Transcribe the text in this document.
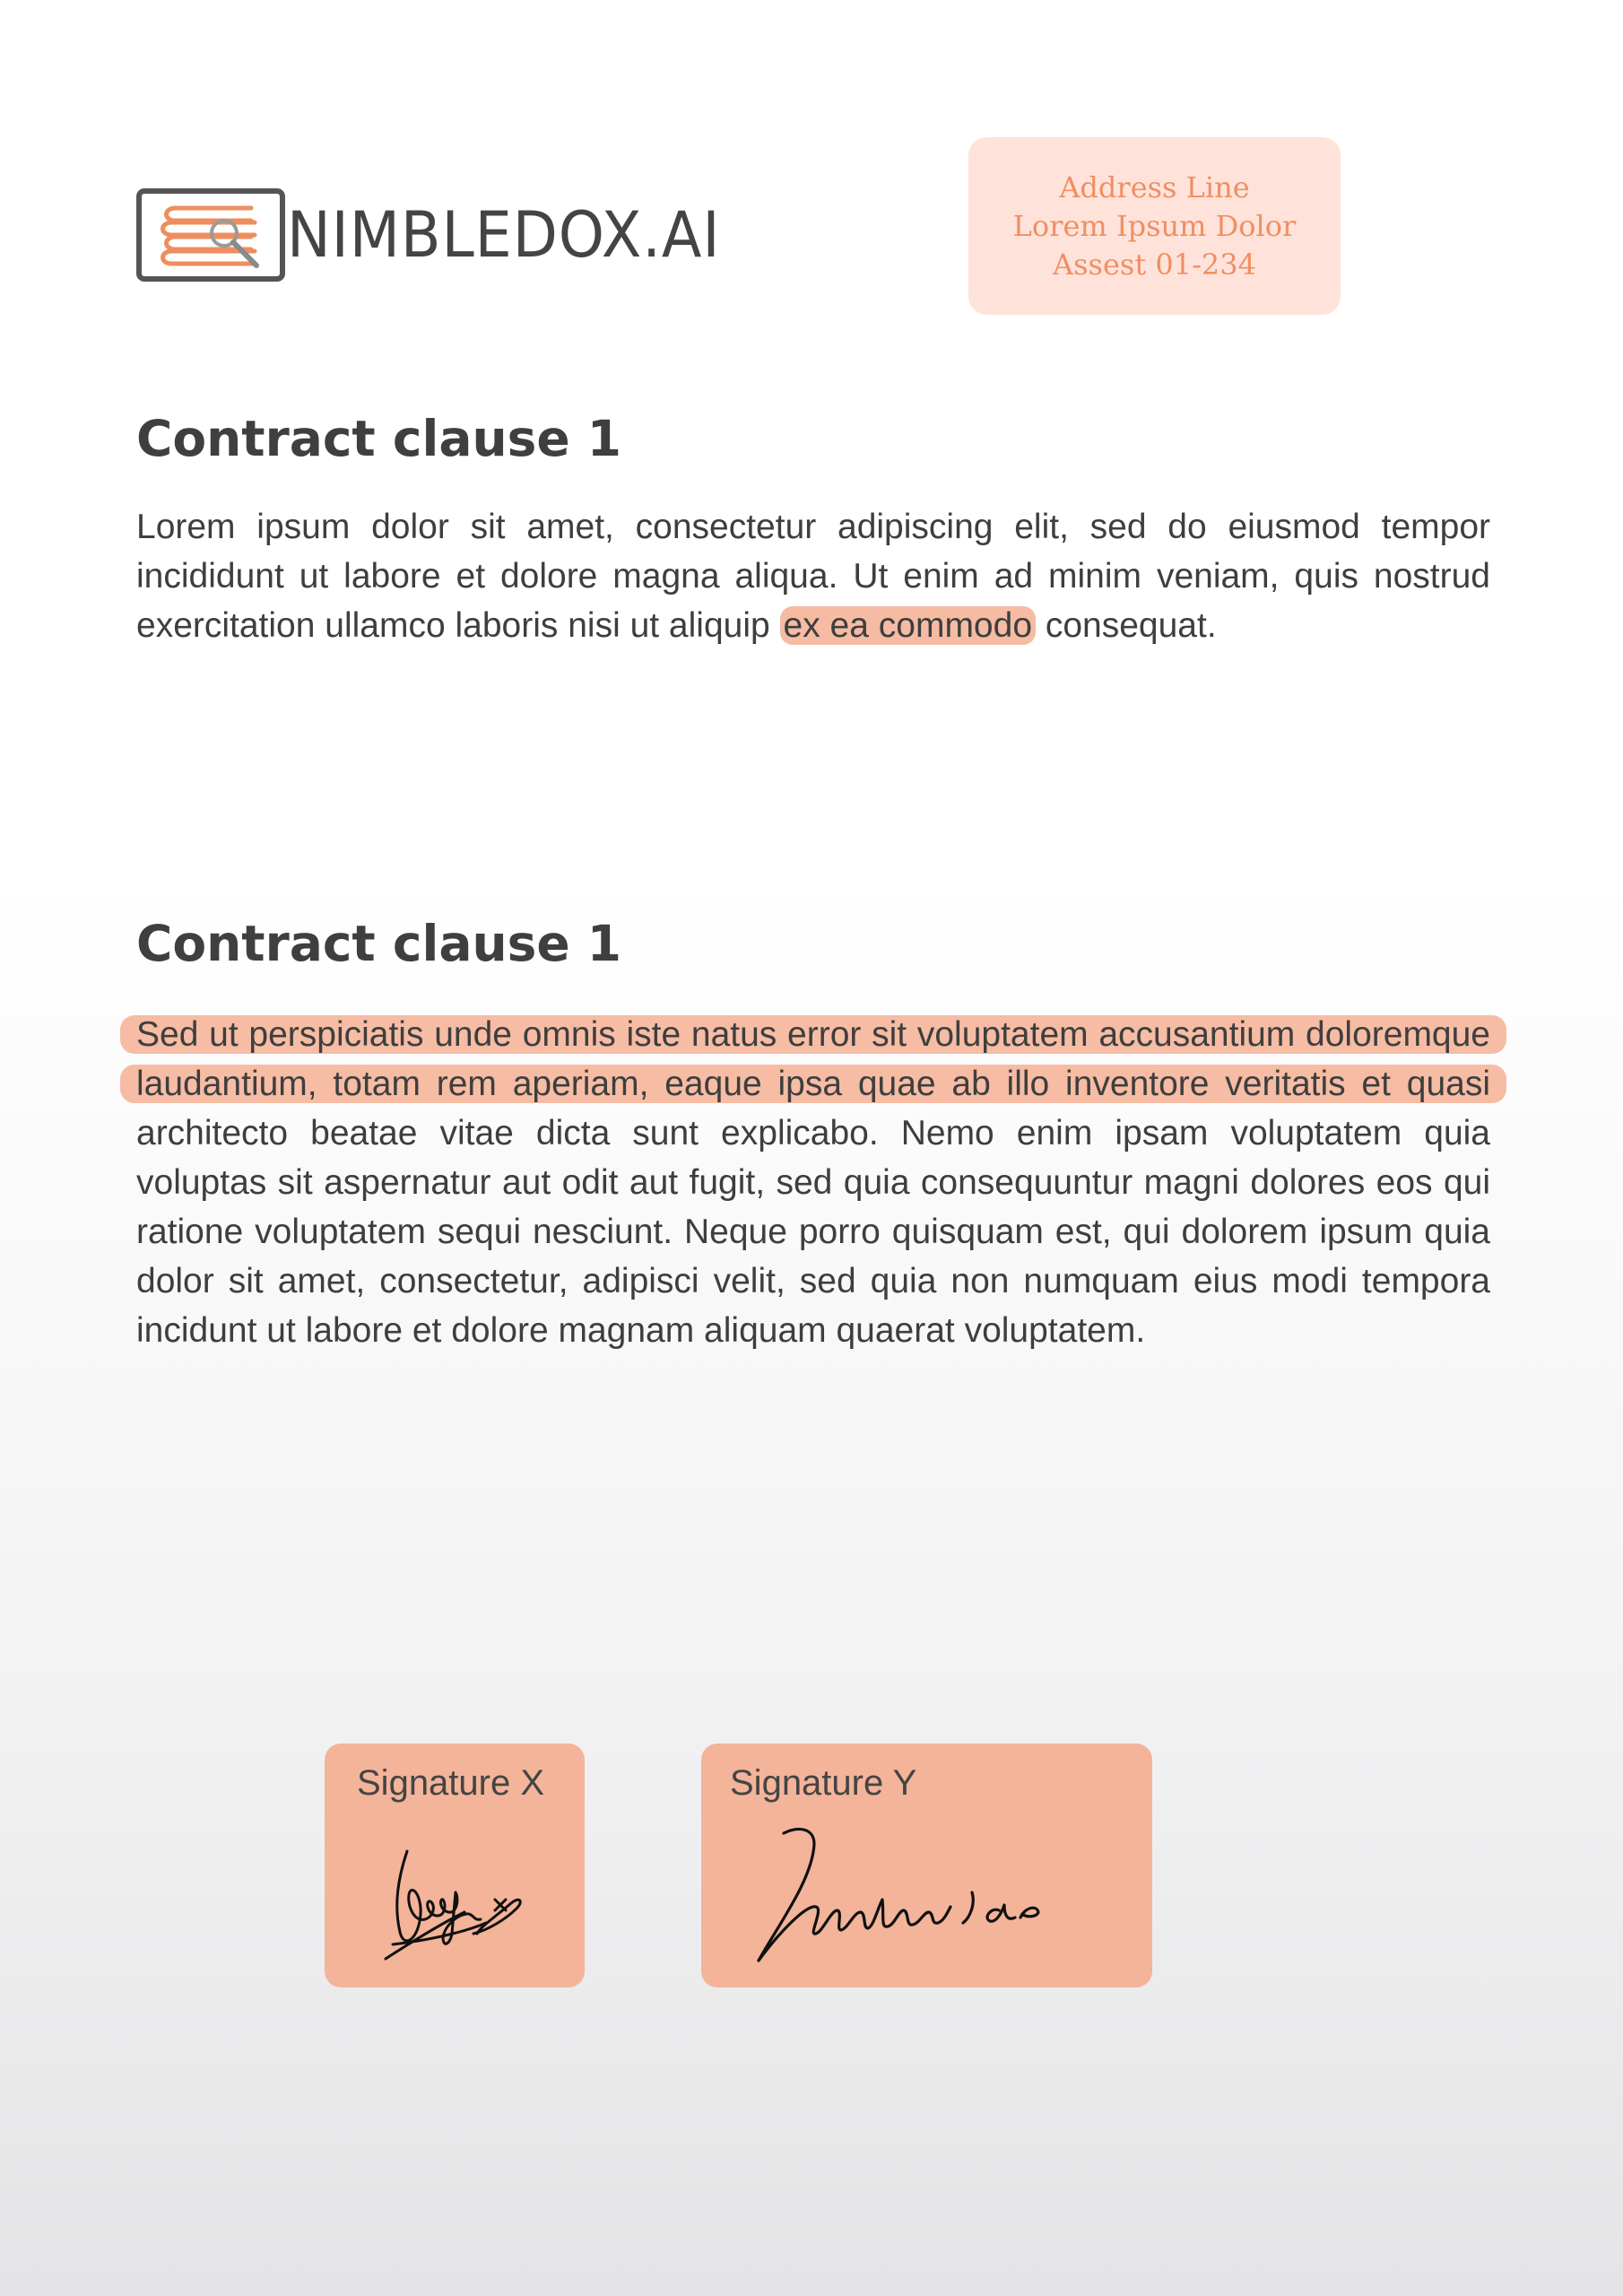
NIMBLEDOX.AI
Address Line
Lorem Ipsum Dolor
Assest 01-234
Contract clause 1

Lorem ipsum dolor sit amet, consectetur adipiscing elit, sed do eiusmod tempor incididunt ut labore et dolore magna aliqua. Ut enim ad minim veniam, quis nostrud exercitation ullamco laboris nisi ut aliquip ex ea commodo consequat.

Contract clause 1

Sed ut perspiciatis unde omnis iste natus error sit voluptatem accusantium doloremque laudantium, totam rem aperiam, eaque ipsa quae ab illo inventore veritatis et quasi architecto beatae vitae dicta sunt explicabo. Nemo enim ipsam voluptatem quia voluptas sit aspernatur aut odit aut fugit, sed quia consequuntur magni dolores eos qui ratione voluptatem sequi nesciunt. Neque porro quisquam est, qui dolorem ipsum quia dolor sit amet, consectetur, adipisci velit, sed quia non numquam eius modi tempora incidunt ut labore et dolore magnam aliquam quaerat voluptatem.

Signature X	Signature Y
